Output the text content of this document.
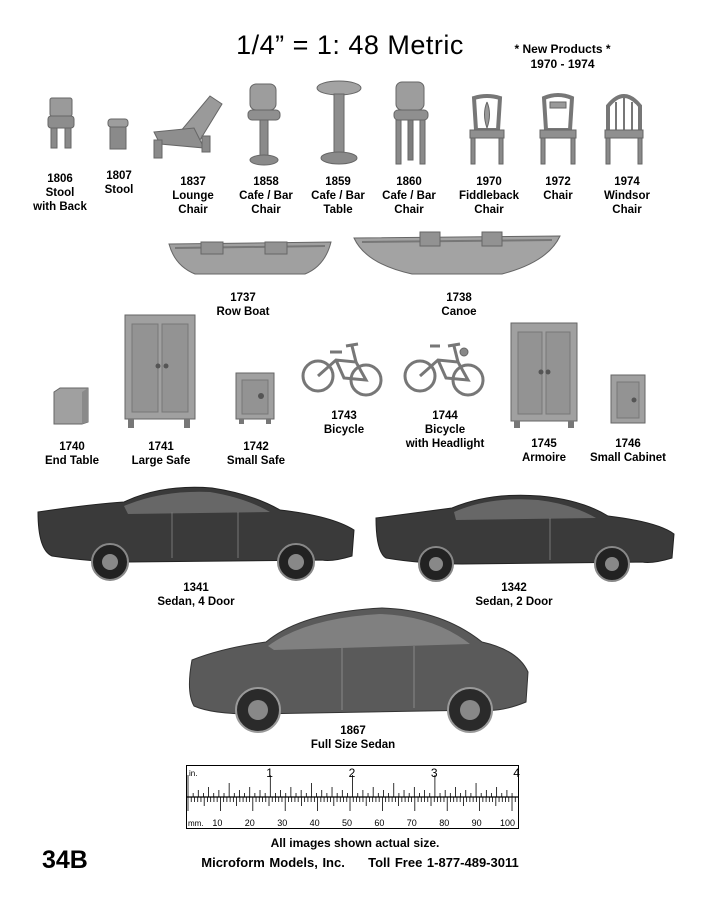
1/4” = 1: 48 Metric	* New Products *
1970 - 1974
1806
Stool
with Back
1807
Stool
1837
Lounge
Chair
1858
Cafe / Bar
Chair
1859
Cafe / Bar
Table
1860
Cafe / Bar
Chair
1970
Fiddleback
Chair
1972
Chair
1974
Windsor
Chair
1737
Row Boat
1738
Canoe
1740
End Table
1741
Large Safe
1742
Small Safe
1743
Bicycle
1744
Bicycle
with Headlight	1745
Armoire
1746
Small Cabinet
1341
Sedan, 4 Door
1342
Sedan, 2 Door
1867
Full Size Sedan
1	2	3	4
10 20 30 40 50 60 70 80 90 100
in.
mm.
All images shown actual size.
Microform Models, Inc. Toll Free 1-877-489-3011
34B
